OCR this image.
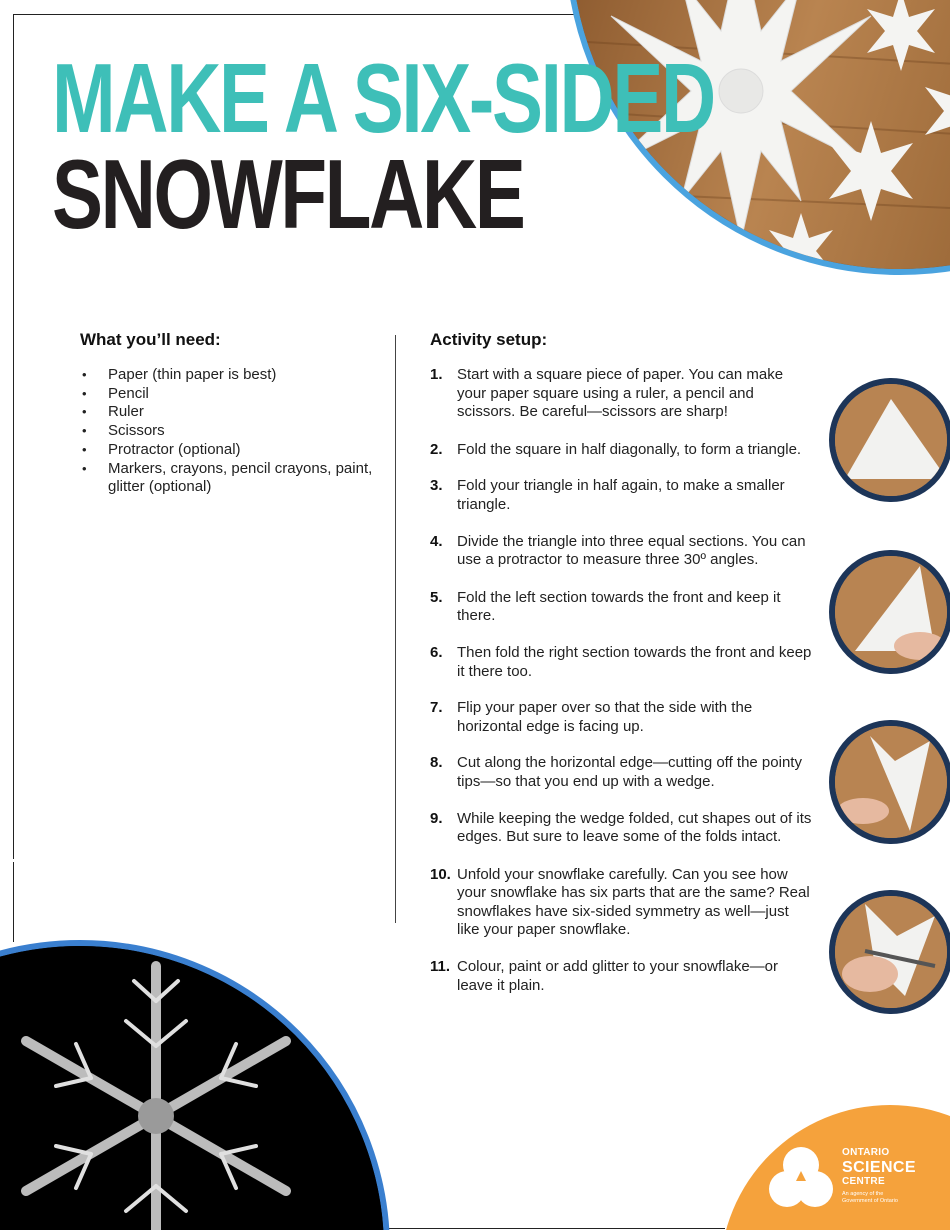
MAKE A SIX-SIDED
SNOWFLAKE
What you’ll need:
• Paper (thin paper is best)
• Pencil
• Ruler
• Scissors
• Protractor (optional)
• Markers, crayons, pencil crayons, paint, glitter (optional)
Activity setup:
1. Start with a square piece of paper. You can make your paper square using a ruler, a pencil and scissors. Be careful—scissors are sharp!
2. Fold the square in half diagonally, to form a triangle.
3. Fold your triangle in half again, to make a smaller triangle.
4. Divide the triangle into three equal sections. You can use a protractor to measure three 30º angles.
5. Fold the left section towards the front and keep it there.
6. Then fold the right section towards the front and keep it there too.
7. Flip your paper over so that the side with the horizontal edge is facing up.
8. Cut along the horizontal edge—cutting off the pointy tips—so that you end up with a wedge.
9. While keeping the wedge folded, cut shapes out of its edges. But sure to leave some of the folds intact.
10. Unfold your snowflake carefully. Can you see how your snowflake has six parts that are the same? Real snowflakes have six-sided symmetry as well—just like your paper snowflake.
11. Colour, paint or add glitter to your snowflake—or leave it plain.
ONTARIO
SCIENCE
CENTRE
An agency of the Government of Ontario
